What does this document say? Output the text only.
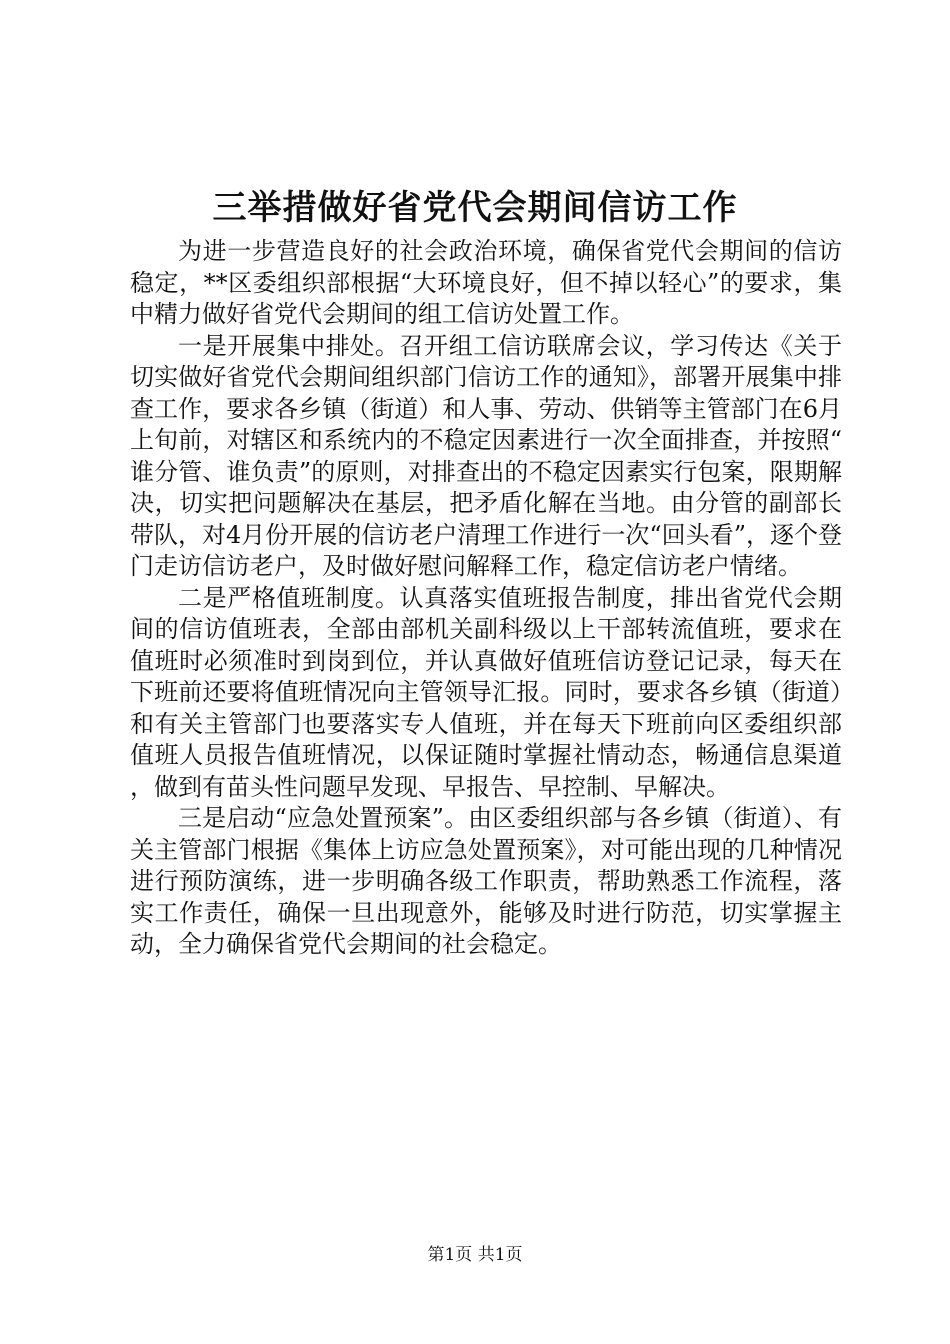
三举措做好省党代会期间信访工作

为进一步营造良好的社会政治环境，确保省党代会期间的信访稳定，**区委组织部根据“大环境良好，但不掉以轻心”的要求，集中精力做好省党代会期间的组工信访处置工作。

一是开展集中排处。召开组工信访联席会议，学习传达《关于切实做好省党代会期间组织部门信访工作的通知》，部署开展集中排查工作，要求各乡镇（街道）和人事、劳动、供销等主管部门在6月上旬前，对辖区和系统内的不稳定因素进行一次全面排查，并按照“谁分管、谁负责”的原则，对排查出的不稳定因素实行包案，限期解决，切实把问题解决在基层，把矛盾化解在当地。由分管的副部长带队，对4月份开展的信访老户清理工作进行一次“回头看”，逐个登门走访信访老户，及时做好慰问解释工作，稳定信访老户情绪。

二是严格值班制度。认真落实值班报告制度，排出省党代会期间的信访值班表，全部由部机关副科级以上干部转流值班，要求在值班时必须准时到岗到位，并认真做好值班信访登记记录，每天在下班前还要将值班情况向主管领导汇报。同时，要求各乡镇（街道）和有关主管部门也要落实专人值班，并在每天下班前向区委组织部值班人员报告值班情况，以保证随时掌握社情动态，畅通信息渠道，做到有苗头性问题早发现、早报告、早控制、早解决。

三是启动“应急处置预案”。由区委组织部与各乡镇（街道）、有关主管部门根据《集体上访应急处置预案》，对可能出现的几种情况进行预防演练，进一步明确各级工作职责，帮助熟悉工作流程，落实工作责任，确保一旦出现意外，能够及时进行防范，切实掌握主动，全力确保省党代会期间的社会稳定。

第1页 共1页
